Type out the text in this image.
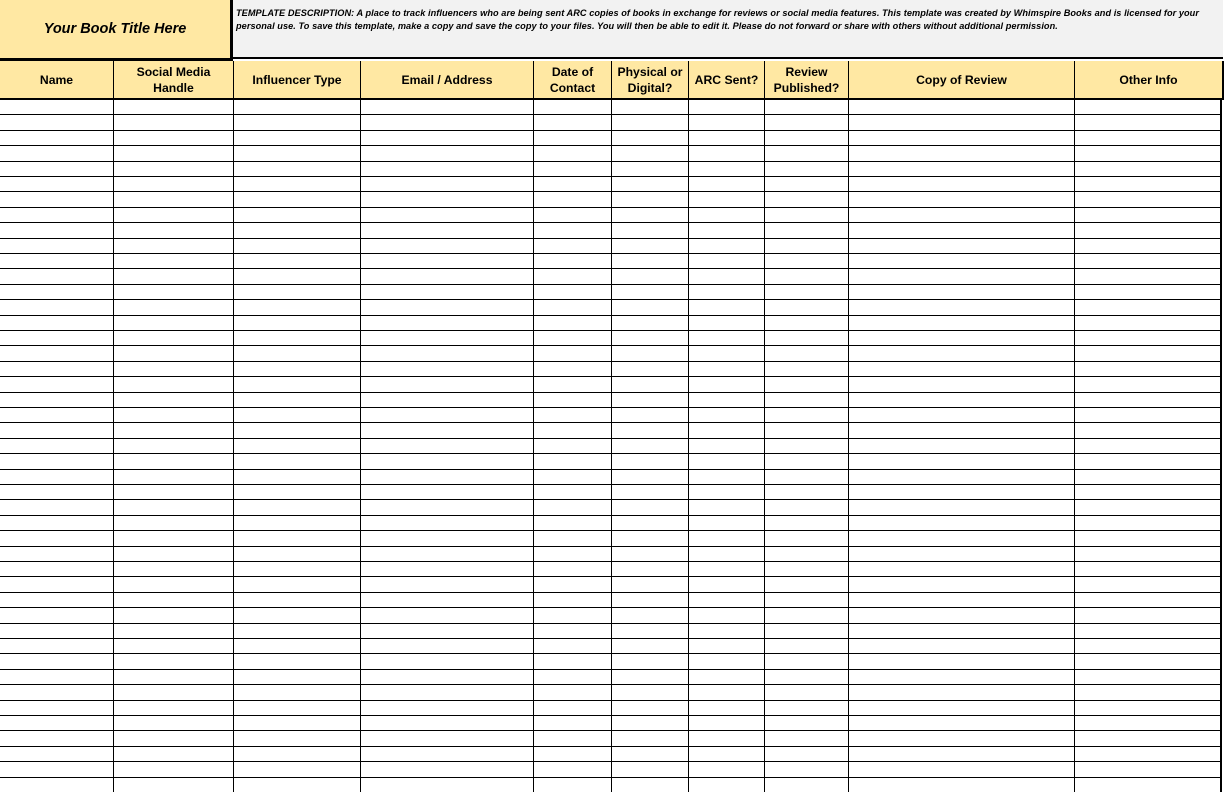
Your Book Title Here
TEMPLATE DESCRIPTION: A place to track influencers who are being sent ARC copies of books in exchange for reviews or social media features. This template was created by Whimspire Books and is licensed for your personal use. To save this template, make a copy and save the copy to your files. You will then be able to edit it. Please do not forward or share with others without additional permission.
Name
Social Media Handle
Influencer Type	Email / Address
Date of Contact
Physical or Digital?
ARC Sent?
Review Published?
Copy of Review	Other Info
